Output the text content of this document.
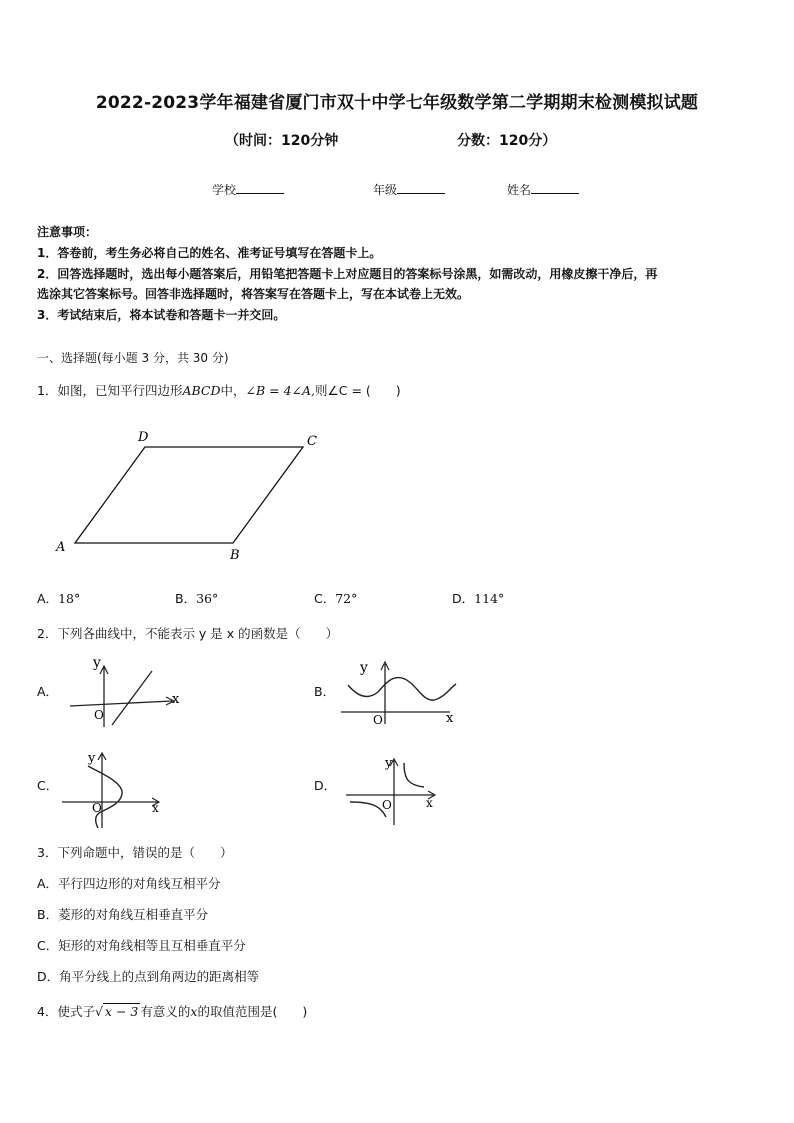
2022-2023学年福建省厦门市双十中学七年级数学第二学期期末检测模拟试题
（时间：120分钟	分数：120分）
学校	年级	姓名
注意事项：
1．答卷前，考生务必将自己的姓名、准考证号填写在答题卡上。
2．回答选择题时，选出每小题答案后，用铅笔把答题卡上对应题目的答案标号涂黑，如需改动，用橡皮擦干净后，再
选涂其它答案标号。回答非选择题时，将答案写在答题卡上，写在本试卷上无效。
3．考试结束后，将本试卷和答题卡一并交回。
一、选择题(每小题 3 分，共 30 分)
1．如图，已知平行四边形ABCD中，∠B = 4∠A,则∠C = (　　)
A
B
C
D
A．18°	B．36°	C．72°	D．114°
2．下列各曲线中，不能表示 y 是 x 的函数是（　　）
A．
y
x
O
B．
y
x
O
C．
y
x
O
D．
y
x
O
3．下列命题中，错误的是（　　）
A．平行四边形的对角线互相平分
B．菱形的对角线互相垂直平分
C．矩形的对角线相等且互相垂直平分
D．角平分线上的点到角两边的距离相等
4．使式子√ x − 3 有意义的x的取值范围是(　　)
